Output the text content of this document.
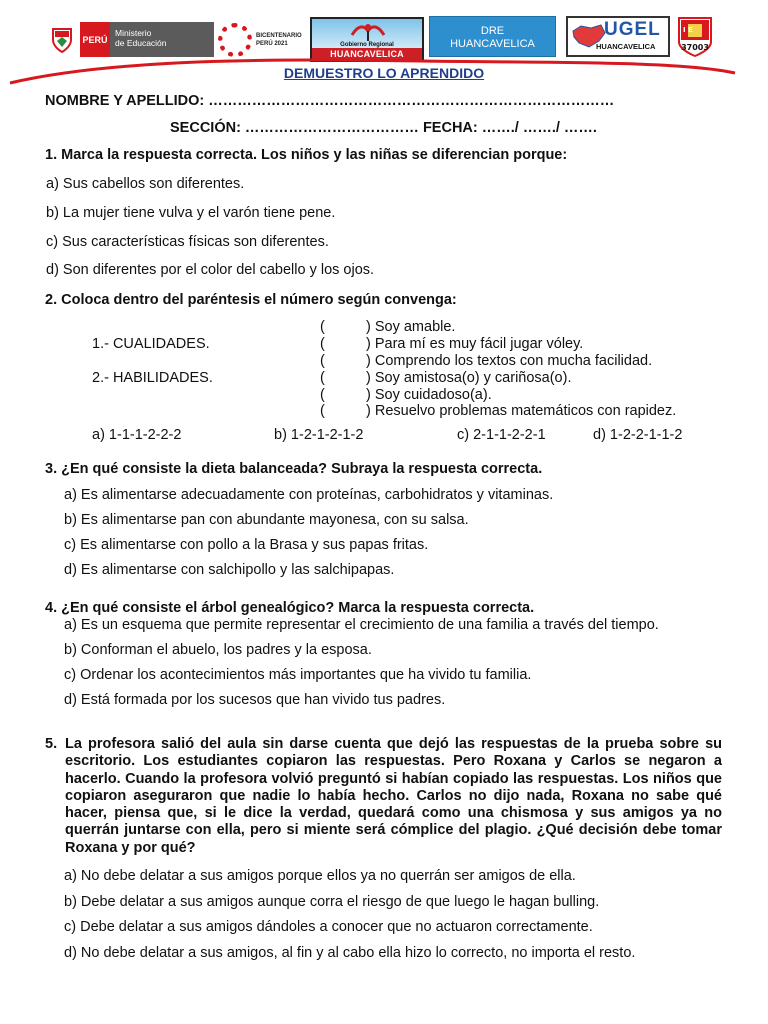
PERÚ
Ministerio
de Educación
BICENTENARIO
PERÚ 2021	Gobierno Regional
HUANCAVELICA
DRE
HUANCAVELICA
UGEL
HUANCAVELICA
I E
37003
DEMUESTRO LO APRENDIDO
NOMBRE Y APELLIDO: …………………………………………………………………………
SECCIÓN: ……………………………… FECHA: ……./ ……./ …….
1. Marca la respuesta correcta. Los niños y las niñas se diferencian porque:
a) Sus cabellos son diferentes.
b) La mujer tiene vulva y el varón tiene pene.
c) Sus características físicas son diferentes.
d) Son diferentes por el color del cabello y los ojos.
2. Coloca dentro del paréntesis el número según convenga:
1.- CUALIDADES.
2.- HABILIDADES.
(	) Soy amable.
(	) Para mí es muy fácil jugar vóley.
(	) Comprendo los textos con mucha facilidad.
(	) Soy amistosa(o) y cariñosa(o).
(	) Soy cuidadoso(a).
(	) Resuelvo problemas matemáticos con rapidez.
a) 1-1-1-2-2-2	b) 1-2-1-2-1-2	c) 2-1-1-2-2-1	d) 1-2-2-1-1-2
3. ¿En qué consiste la dieta balanceada? Subraya la respuesta correcta.
a) Es alimentarse adecuadamente con proteínas, carbohidratos y vitaminas.
b) Es alimentarse pan con abundante mayonesa, con su salsa.
c) Es alimentarse con pollo a la Brasa y sus papas fritas.
d) Es alimentarse con salchipollo y las salchipapas.
4. ¿En qué consiste el árbol genealógico? Marca la respuesta correcta.
a) Es un esquema que permite representar el crecimiento de una familia a través del tiempo.
b) Conforman el abuelo, los padres y la esposa.
c) Ordenar los acontecimientos más importantes que ha vivido tu familia.
d) Está formada por los sucesos que han vivido tus padres.
5. La profesora salió del aula sin darse cuenta que dejó las respuestas de la prueba sobre su escritorio. Los estudiantes copiaron las respuestas. Pero Roxana y Carlos se negaron a hacerlo. Cuando la profesora volvió preguntó si habían copiado las respuestas. Los niños que copiaron aseguraron que nadie lo había hecho. Carlos no dijo nada, Roxana no sabe qué hacer, piensa que, si le dice la verdad, quedará como una chismosa y sus amigos ya no querrán juntarse con ella, pero si miente será cómplice del plagio. ¿Qué decisión debe tomar Roxana y por qué?
a) No debe delatar a sus amigos porque ellos ya no querrán ser amigos de ella.
b) Debe delatar a sus amigos aunque corra el riesgo de que luego le hagan bulling.
c) Debe delatar a sus amigos dándoles a conocer que no actuaron correctamente.
d) No debe delatar a sus amigos, al fin y al cabo ella hizo lo correcto, no importa el resto.
